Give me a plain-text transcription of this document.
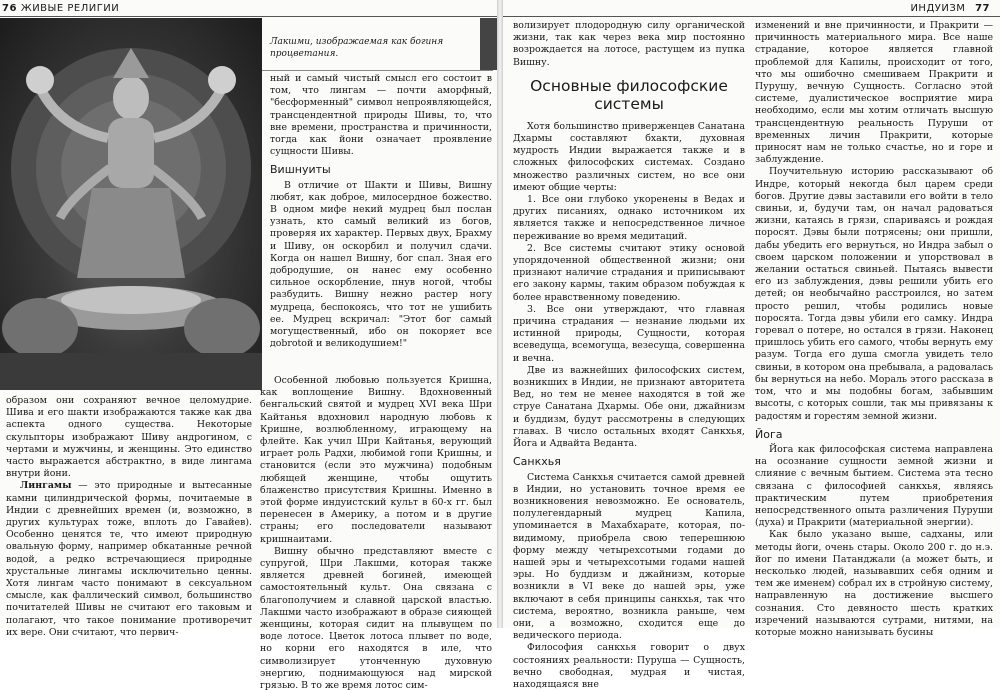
76 ЖИВЫЕ РЕЛИГИИ
Лакшми, изображаемая как богиня процветания.

ный и самый чистый смысл его состоит в том, что лингам — почти аморфный, "бесформенный" символ непроявляющейся, трансцендентной природы Шивы, то, что вне времени, пространства и причинности, тогда как йони означает проявление сущности Шивы.

Вишнуиты

В отличие от Шакти и Шивы, Вишну любят, как доброе, милосердное божество. В одном мифе некий мудрец был послан узнать, кто самый великий из богов, проверяя их характер. Первых двух, Брахму и Шиву, он оскорбил и получил сдачи. Когда он нашел Вишну, бог спал. Зная его добродушие, он нанес ему особенно сильное оскорбление, пнув ногой, чтобы разбудить. Вишну нежно растер ногу мудреца, беспокоясь, что тот не ушибить ее. Мудрец вскричал: "Этот бог самый могущественный, ибо он покоряет все доbrotой и великодушием!"

образом они сохраняют вечное целомудрие. Шива и его шакти изображаются также как два аспекта одного существа. Некоторые скульпторы изображают Шиву андрогином, с чертами и мужчины, и женщины. Это единство часто выражается абстрактно, в виде лингама внутри йони.

Лингамы — это природные и вытесанные камни цилиндрической формы, почитаемые в Индии с древнейших времен (и, возможно, в других культурах тоже, вплоть до Гавайев). Особенно ценятся те, что имеют природную овальную форму, например обкатанные речной водой, а редко встречающиеся природные хрустальные лингамы исключительно ценны. Хотя лингам часто понимают в сексуальном смысле, как фаллический символ, большинство почитателей Шивы не считают его таковым и полагают, что такое понимание противоречит их вере. Они считают, что первич-

Особенной любовью пользуется Кришна, как воплощение Вишну. Вдохновенный бенгальский святой и мудрец XVI века Шри Кайтанья вдохновил народную любовь к Кришне, возлюбленному, играющему на флейте. Как учил Шри Кайтанья, верующий играет роль Радхи, любимой гопи Кришны, и становится (если это мужчина) подобным любящей женщине, чтобы ощутить блаженство присутствия Кришны. Именно в этой форме индуистский культ в 60-х гг. был перенесен в Америку, а потом и в другие страны; его последователи называют кришнаитами.

Вишну обычно представляют вместе с супругой, Шри Лакшми, которая также является древней богиней, имеющей самостоятельный культ. Она связана с благополучием и славной царской властью. Лакшми часто изображают в образе сияющей женщины, которая сидит на плывущем по воде лотосе. Цветок лотоса плывет по воде, но корни его находятся в иле, что символизирует утонченную духовную энергию, поднимающуюся над мирской грязью. В то же время лотос сим-

ИНДУИЗМ 77

волизирует плодородную силу органической жизни, так как через века мир постоянно возрождается на лотосе, растущем из пупка Вишну.

Основные философские системы

Хотя большинство приверженцев Санатана Дхармы составляют бхакти, духовная мудрость Индии выражается также и в сложных философских системах. Создано множество различных систем, но все они имеют общие черты:

1. Все они глубоко укоренены в Ведах и других писаниях, однако источником их является также и непосредственное личное переживание во время медитаций.

2. Все системы считают этику основой упорядоченной общественной жизни; они признают наличие страдания и приписывают его закону кармы, таким образом побуждая к более нравственному поведению.

3. Все они утверждают, что главная причина страдания — незнание людьми их истинной природы, Сущности, которая всеведуща, всемогуща, везесуща, совершенна и вечна.

Две из важнейших философских систем, возникших в Индии, не признают авторитета Вед, но тем не менее находятся в той же струе Санатана Дхармы. Обе они, джайнизм и буддизм, будут рассмотрены в следующих главах. В число остальных входят Санкхья, Йога и Адвайта Веданта.

Санкхья

Система Санкхья считается самой древней в Индии, но установить точное время ее возникновения невозможно. Ее основатель, полулегендарный мудрец Капила, упоминается в Махабхарате, которая, по-видимому, приобрела свою теперешнюю форму между четырехсотыми годами до нашей эры и четырехсотыми годами нашей эры. Но буддизм и джайнизм, которые возникли в VI веке до нашей эры, уже включают в себя принципы санкхья, так что система, вероятно, возникла раньше, чем они, а возможно, сходится еще до ведического периода.

Философия санкхья говорит о двух состояниях реальности: Пуруша — Сущность, вечно свободная, мудрая и чистая, находящаяся вне

изменений и вне причинности, и Пракрити — причинность материального мира. Все наше страдание, которое является главной проблемой для Капилы, происходит от того, что мы ошибочно смешиваем Пракрити и Пурушу, вечную Сущность. Согласно этой системе, дуалистическое восприятие мира необходимо, если мы хотим отличать высшую трансцендентную реальность Пуруши от временных личин Пракрити, которые приносят нам не только счастье, но и горе и заблуждение.

Поучительную историю рассказывают об Индре, который некогда был царем среди богов. Другие дэвы заставили его войти в тело свиньи, и, будучи там, он начал радоваться жизни, катаясь в грязи, спариваясь и рождая поросят. Дэвы были потрясены; они пришли, дабы убедить его вернуться, но Индра забыл о своем царском положении и упорствовал в желании остаться свиньей. Пытаясь вывести его из заблуждения, дэвы решили убить его детей; он необычайно расстроился, но затем просто решил, чтобы родились новые поросята. Тогда дэвы убили его самку. Индра горевал о потере, но остался в грязи. Наконец пришлось убить его самого, чтобы вернуть ему разум. Тогда его душа смогла увидеть тело свиньи, в котором она пребывала, а радовалась бы вернуться на небо. Мораль этого рассказа в том, что и мы подобны богам, забывшим высоты, с которых сошли, так мы привязаны к радостям и горестям земной жизни.

Йога

Йога как философская система направлена на осознание сущности земной жизни и слияние с вечным бытием. Система эта тесно связана с философией санкхья, являясь практическим путем приобретения непосредственного опыта различения Пуруши (духа) и Пракрити (материальной энергии).

Как было указано выше, садханы, или методы йоги, очень стары. Около 200 г. до н.э. йог по имени Патанджали (а может быть, и несколько людей, называвших себя одним и тем же именем) собрал их в стройную систему, направленную на достижение высшего сознания. Сто девяносто шесть кратких изречений называются сутрами, нитями, на которые можно нанизывать бусины
